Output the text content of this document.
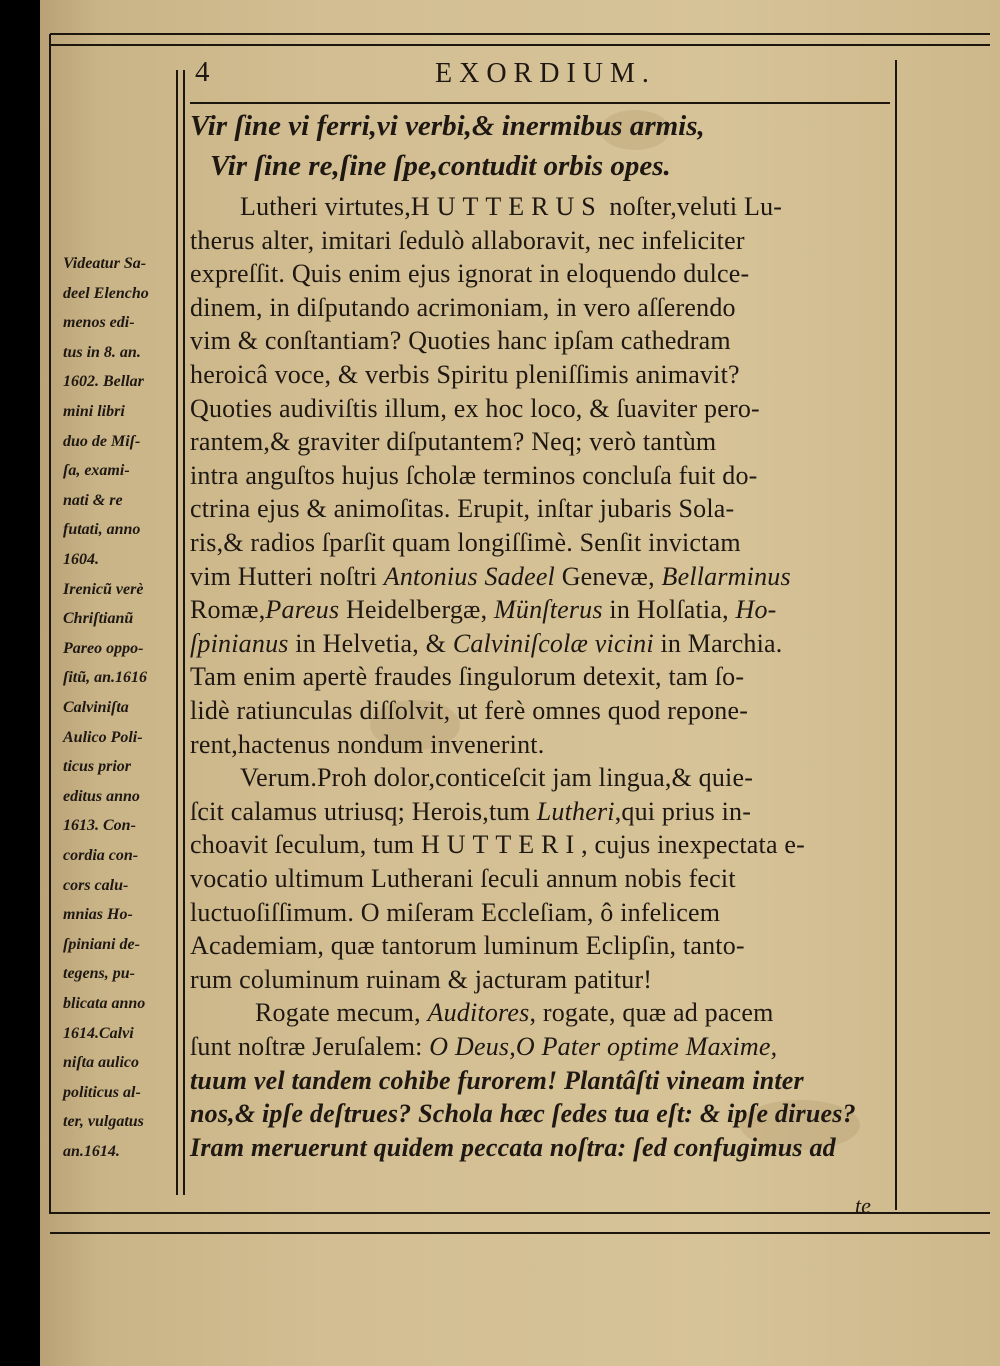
4	EXORDIUM.
Vir ſine vi ferri,vi verbi,& inermibus armis,
Vir ſine re,ſine ſpe,contudit orbis opes.
Lutheri virtutes,HUTTERUS noſter,veluti Lu-
therus alter, imitari ſedulò allaboravit, nec infeliciter
expreſſit. Quis enim ejus ignorat in eloquendo dulce-
dinem, in diſputando acrimoniam, in vero aſſerendo
vim & conſtantiam? Quoties hanc ipſam cathedram
heroicâ voce, & verbis Spiritu pleniſſimis animavit?
Quoties audiviſtis illum, ex hoc loco, & ſuaviter pero-
rantem,& graviter diſputantem? Neq; verò tantùm
intra anguſtos hujus ſcholæ terminos concluſa fuit do-
ctrina ejus & animoſitas. Erupit, inſtar jubaris Sola-
ris,& radios ſparſit quam longiſſimè. Senſit invictam
vim Hutteri noſtri Antonius Sadeel Genevæ, Bellarminus
Romæ,Pareus Heidelbergæ, Münſterus in Holſatia, Ho-
ſpinianus in Helvetia, & Calviniſcolæ vicini in Marchia.
Tam enim apertè fraudes ſingulorum detexit, tam ſo-
lidè ratiunculas diſſolvit, ut ferè omnes quod repone-
rent,hactenus nondum invenerint.
Verum.Proh dolor,conticeſcit jam lingua,& quie-
ſcit calamus utriusq; Herois,tum Lutheri,qui prius in-
choavit ſeculum, tum HUTTERI, cujus inexpectata e-
vocatio ultimum Lutherani ſeculi annum nobis fecit
luctuoſiſſimum. O miſeram Eccleſiam, ô infelicem
Academiam, quæ tantorum luminum Eclipſin, tanto-
rum columinum ruinam & jacturam patitur!
Rogate mecum, Auditores, rogate, quæ ad pacem
ſunt noſtræ Jeruſalem: O Deus,O Pater optime Maxime,
tuum vel tandem cohibe furorem! Plantâſti vineam inter
nos,& ipſe deſtrues? Schola hæc ſedes tua eſt: & ipſe dirues?
Iram meruerunt quidem peccata noſtra: ſed confugimus ad
Videatur Sa-
deel Elencho
menos edi-
tus in 8. an.
1602. Bellar
mini libri
duo de Miſ-
ſa, exami-
nati & re
futati, anno
1604.
Irenicũ verè
Chriſtianũ
Pareo oppo-
ſitũ, an.1616
Calviniſta
Aulico Poli-
ticus prior
editus anno
1613. Con-
cordia con-
cors calu-
mnias Ho-
ſpiniani de-
tegens, pu-
blicata anno
1614.Calvi
niſta aulico
politicus al-
ter, vulgatus
an.1614.
te
